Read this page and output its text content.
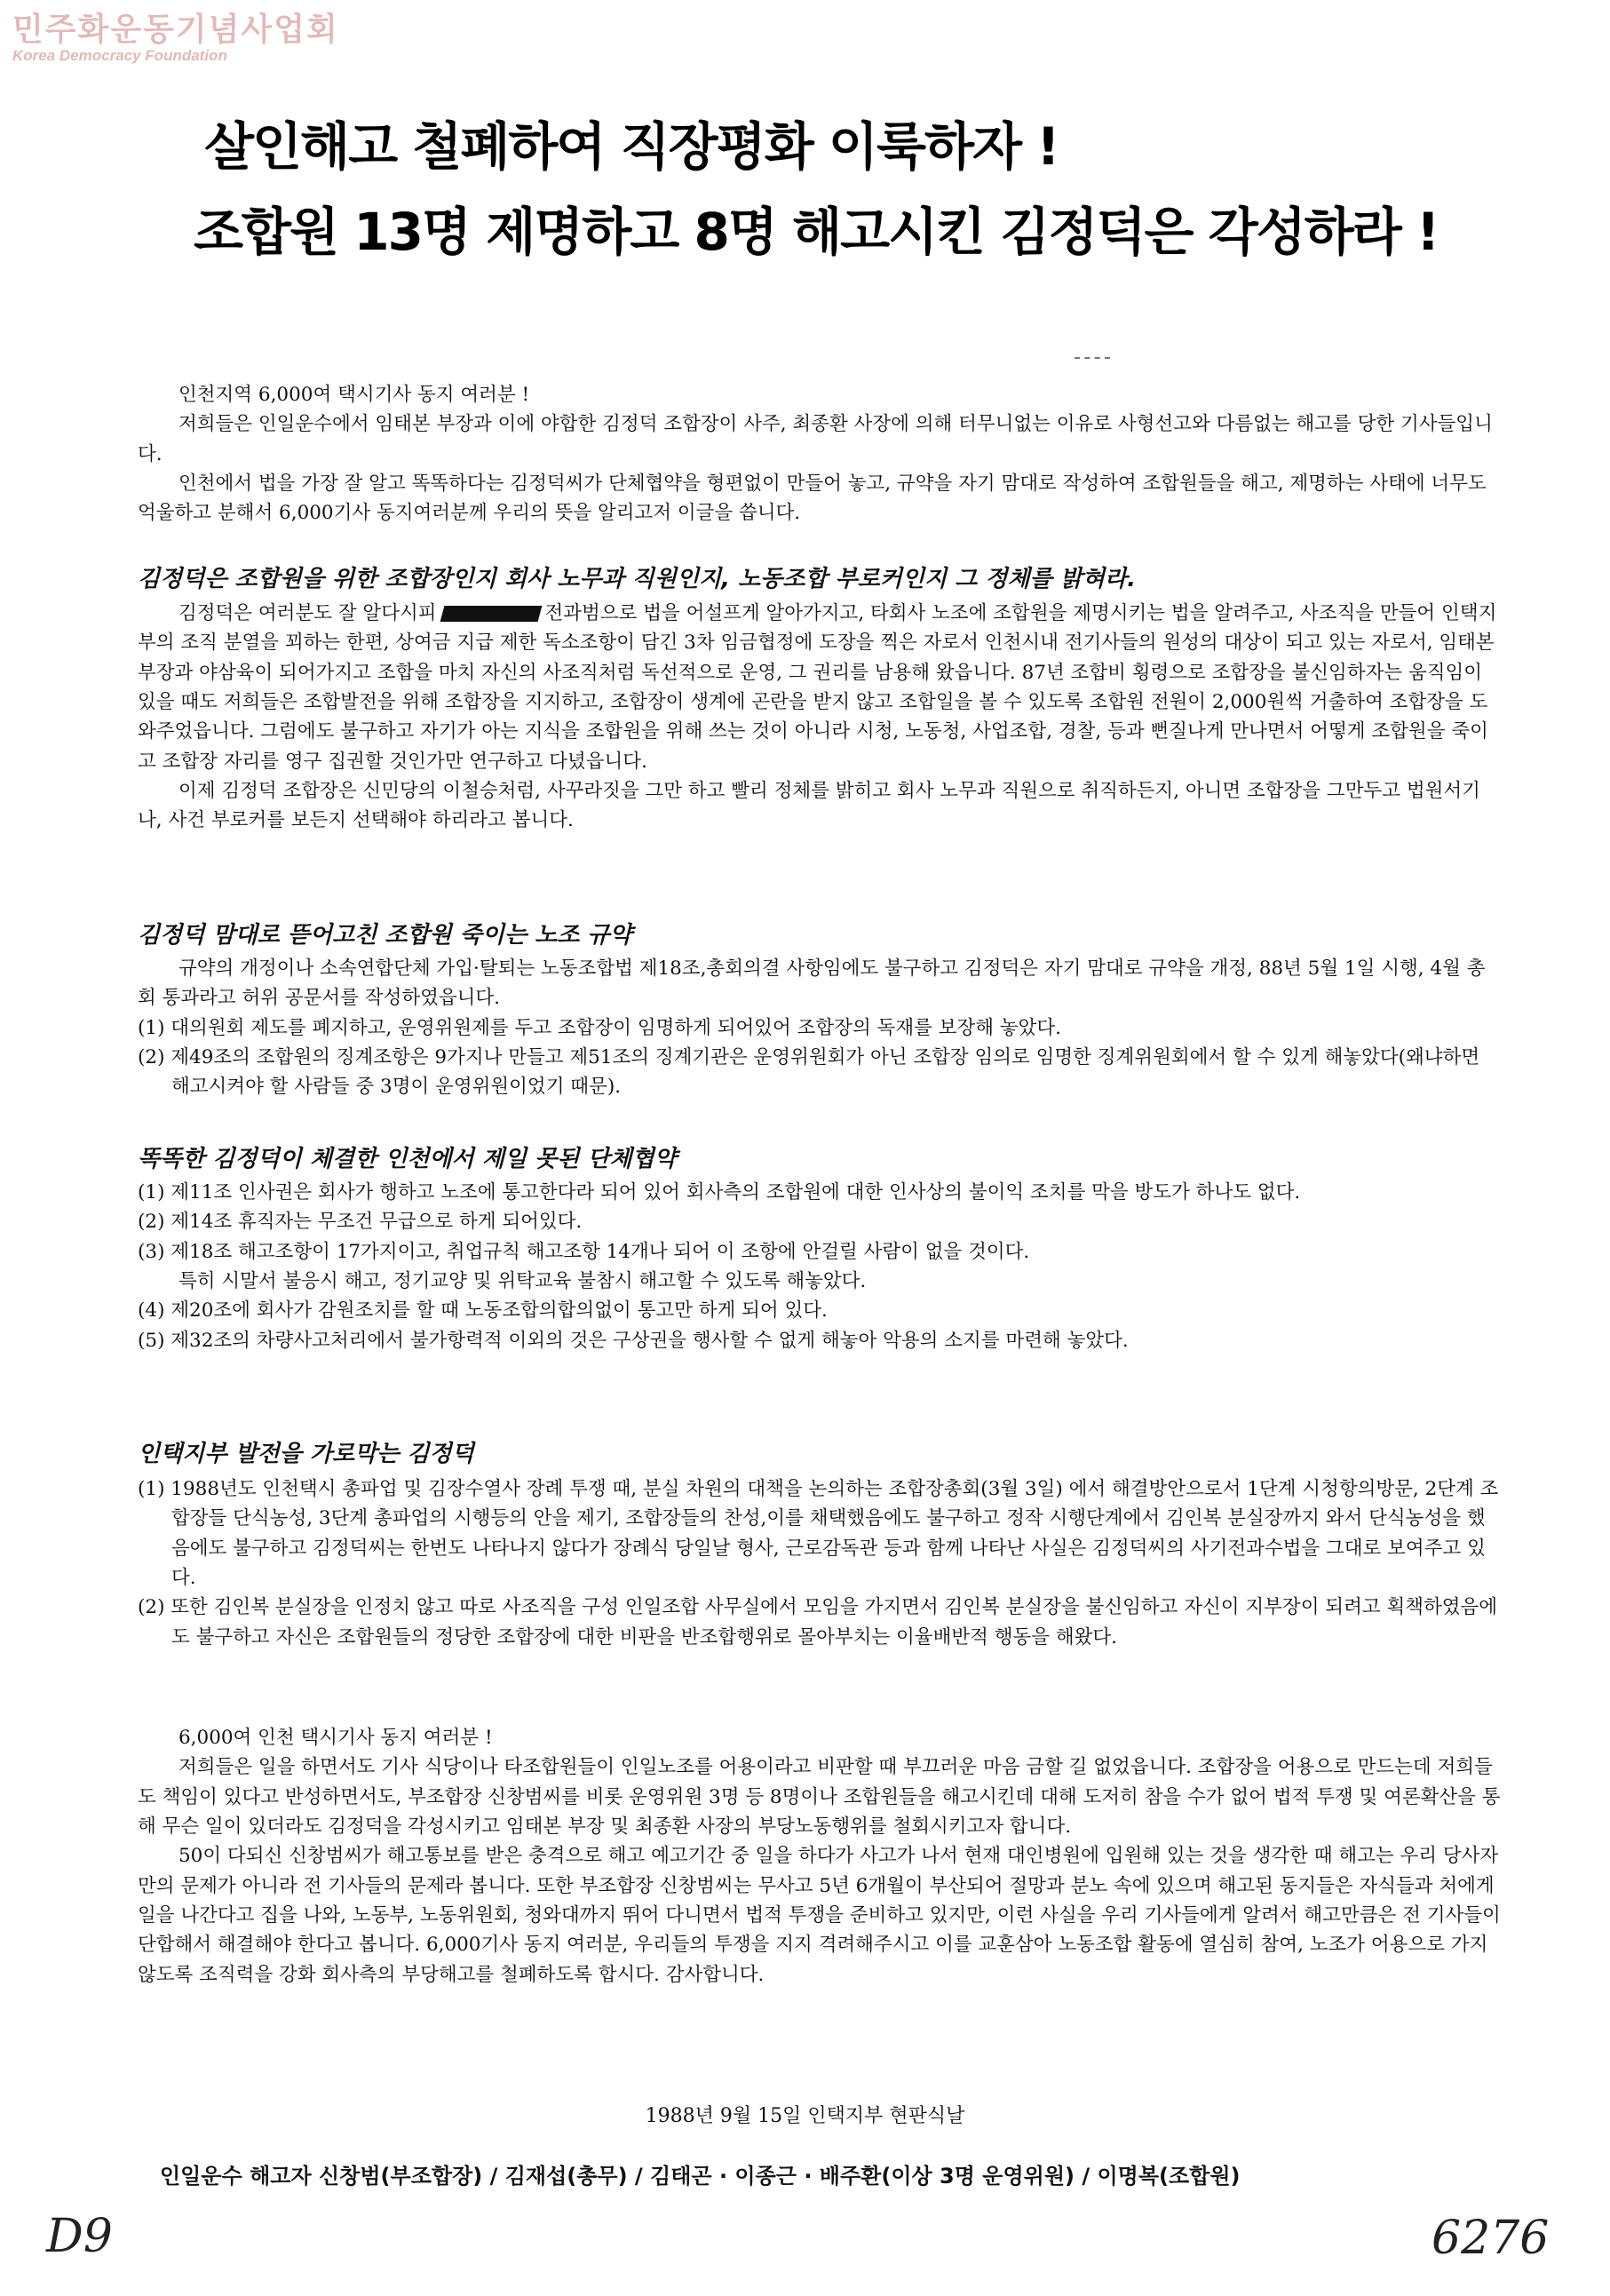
민주화운동기념사업회
Korea Democracy Foundation
살인해고 철폐하여 직장평화 이룩하자 !
조합원 13명 제명하고 8명 해고시킨 김정덕은 각성하라 !

인천지역 6,000여 택시기사 동지 여러분 !

저희들은 인일운수에서 임태본 부장과 이에 야합한 김정덕 조합장이 사주, 최종환 사장에 의해 터무니없는 이유로 사형선고와 다름없는 해고를 당한 기사들입니다.

인천에서 법을 가장 잘 알고 똑똑하다는 김정덕씨가 단체협약을 형편없이 만들어 놓고, 규약을 자기 맘대로 작성하여 조합원들을 해고, 제명하는 사태에 너무도 억울하고 분해서 6,000기사 동지여러분께 우리의 뜻을 알리고저 이글을 씁니다.

김정덕은 조합원을 위한 조합장인지 회사 노무과 직원인지, 노동조합 부로커인지 그 정체를 밝혀라.

김정덕은 여러분도 잘 알다시피	전과범으로 법을 어설프게 알아가지고, 타회사 노조에 조합원을 제명시키는 법을 알려주고, 사조직을 만들어 인택지부의 조직 분열을 꾀하는 한편, 상여금 지급 제한 독소조항이 담긴 3차 임금협정에 도장을 찍은 자로서 인천시내 전기사들의 원성의 대상이 되고 있는 자로서, 임태본 부장과 야삼육이 되어가지고 조합을 마치 자신의 사조직처럼 독선적으로 운영, 그 권리를 남용해 왔읍니다. 87년 조합비 횡령으로 조합장을 불신임하자는 움직임이 있을 때도 저희들은 조합발전을 위해 조합장을 지지하고, 조합장이 생계에 곤란을 받지 않고 조합일을 볼 수 있도록 조합원 전원이 2,000원씩 거출하여 조합장을 도와주었읍니다. 그럼에도 불구하고 자기가 아는 지식을 조합원을 위해 쓰는 것이 아니라 시청, 노동청, 사업조합, 경찰, 등과 뻔질나게 만나면서 어떻게 조합원을 죽이고 조합장 자리를 영구 집권할 것인가만 연구하고 다녔읍니다.

이제 김정덕 조합장은 신민당의 이철승처럼, 사꾸라짓을 그만 하고 빨리 정체를 밝히고 회사 노무과 직원으로 취직하든지, 아니면 조합장을 그만두고 법원서기나, 사건 부로커를 보든지 선택해야 하리라고 봅니다.

김정덕 맘대로 뜯어고친 조합원 죽이는 노조 규약

규약의 개정이나 소속연합단체 가입·탈퇴는 노동조합법 제18조,총회의결 사항임에도 불구하고 김정덕은 자기 맘대로 규약을 개정, 88년 5월 1일 시행, 4월 총회 통과라고 허위 공문서를 작성하였읍니다.

(1) 대의원회 제도를 폐지하고, 운영위원제를 두고 조합장이 임명하게 되어있어 조합장의 독재를 보장해 놓았다.

(2) 제49조의 조합원의 징계조항은 9가지나 만들고 제51조의 징계기관은 운영위원회가 아닌 조합장 임의로 임명한 징계위원회에서 할 수 있게 해놓았다(왜냐하면 해고시켜야 할 사람들 중 3명이 운영위원이었기 때문).

똑똑한 김정덕이 체결한 인천에서 제일 못된 단체협약

(1) 제11조 인사권은 회사가 행하고 노조에 통고한다라 되어 있어 회사측의 조합원에 대한 인사상의 불이익 조치를 막을 방도가 하나도 없다.

(2) 제14조 휴직자는 무조건 무급으로 하게 되어있다.

(3) 제18조 해고조항이 17가지이고, 취업규칙 해고조항 14개나 되어 이 조항에 안걸릴 사람이 없을 것이다.

특히 시말서 불응시 해고, 정기교양 및 위탁교육 불참시 해고할 수 있도록 해놓았다.

(4) 제20조에 회사가 감원조치를 할 때 노동조합의합의없이 통고만 하게 되어 있다.

(5) 제32조의 차량사고처리에서 불가항력적 이외의 것은 구상권을 행사할 수 없게 해놓아 악용의 소지를 마련해 놓았다.

인택지부 발전을 가로막는 김정덕

(1) 1988년도 인천택시 총파업 및 김장수열사 장례 투쟁 때, 분실 차원의 대책을 논의하는 조합장총회(3월 3일) 에서 해결방안으로서 1단계 시청항의방문, 2단계 조합장들 단식농성, 3단계 총파업의 시행등의 안을 제기, 조합장들의 찬성,이를 채택했음에도 불구하고 정작 시행단계에서 김인복 분실장까지 와서 단식농성을 했음에도 불구하고 김정덕씨는 한번도 나타나지 않다가 장례식 당일날 형사, 근로감독관 등과 함께 나타난 사실은 김정덕씨의 사기전과수법을 그대로 보여주고 있다.

(2) 또한 김인복 분실장을 인정치 않고 따로 사조직을 구성 인일조합 사무실에서 모임을 가지면서 김인복 분실장을 불신임하고 자신이 지부장이 되려고 획책하였음에도 불구하고 자신은 조합원들의 정당한 조합장에 대한 비판을 반조합행위로 몰아부치는 이율배반적 행동을 해왔다.

6,000여 인천 택시기사 동지 여러분 !

저희들은 일을 하면서도 기사 식당이나 타조합원들이 인일노조를 어용이라고 비판할 때 부끄러운 마음 금할 길 없었읍니다. 조합장을 어용으로 만드는데 저희들도 책임이 있다고 반성하면서도, 부조합장 신창범씨를 비롯 운영위원 3명 등 8명이나 조합원들을 해고시킨데 대해 도저히 참을 수가 없어 법적 투쟁 및 여론확산을 통해 무슨 일이 있더라도 김정덕을 각성시키고 임태본 부장 및 최종환 사장의 부당노동행위를 철회시키고자 합니다.

50이 다되신 신창범씨가 해고통보를 받은 충격으로 해고 예고기간 중 일을 하다가 사고가 나서 현재 대인병원에 입원해 있는 것을 생각한 때 해고는 우리 당사자만의 문제가 아니라 전 기사들의 문제라 봅니다. 또한 부조합장 신창범씨는 무사고 5년 6개월이 부산되어 절망과 분노 속에 있으며 해고된 동지들은 자식들과 처에게 일을 나간다고 집을 나와, 노동부, 노동위원회, 청와대까지 뛰어 다니면서 법적 투쟁을 준비하고 있지만, 이런 사실을 우리 기사들에게 알려서 해고만큼은 전 기사들이 단합해서 해결해야 한다고 봅니다. 6,000기사 동지 여러분, 우리들의 투쟁을 지지 격려해주시고 이를 교훈삼아 노동조합 활동에 열심히 참여, 노조가 어용으로 가지 않도록 조직력을 강화 회사측의 부당해고를 철폐하도록 합시다. 감사합니다.

1988년 9월 15일 인택지부 현판식날
인일운수 해고자 신창범(부조합장) / 김재섭(총무) / 김태곤 · 이종근 · 배주환(이상 3명 운영위원) / 이명복(조합원)
D9	6276
